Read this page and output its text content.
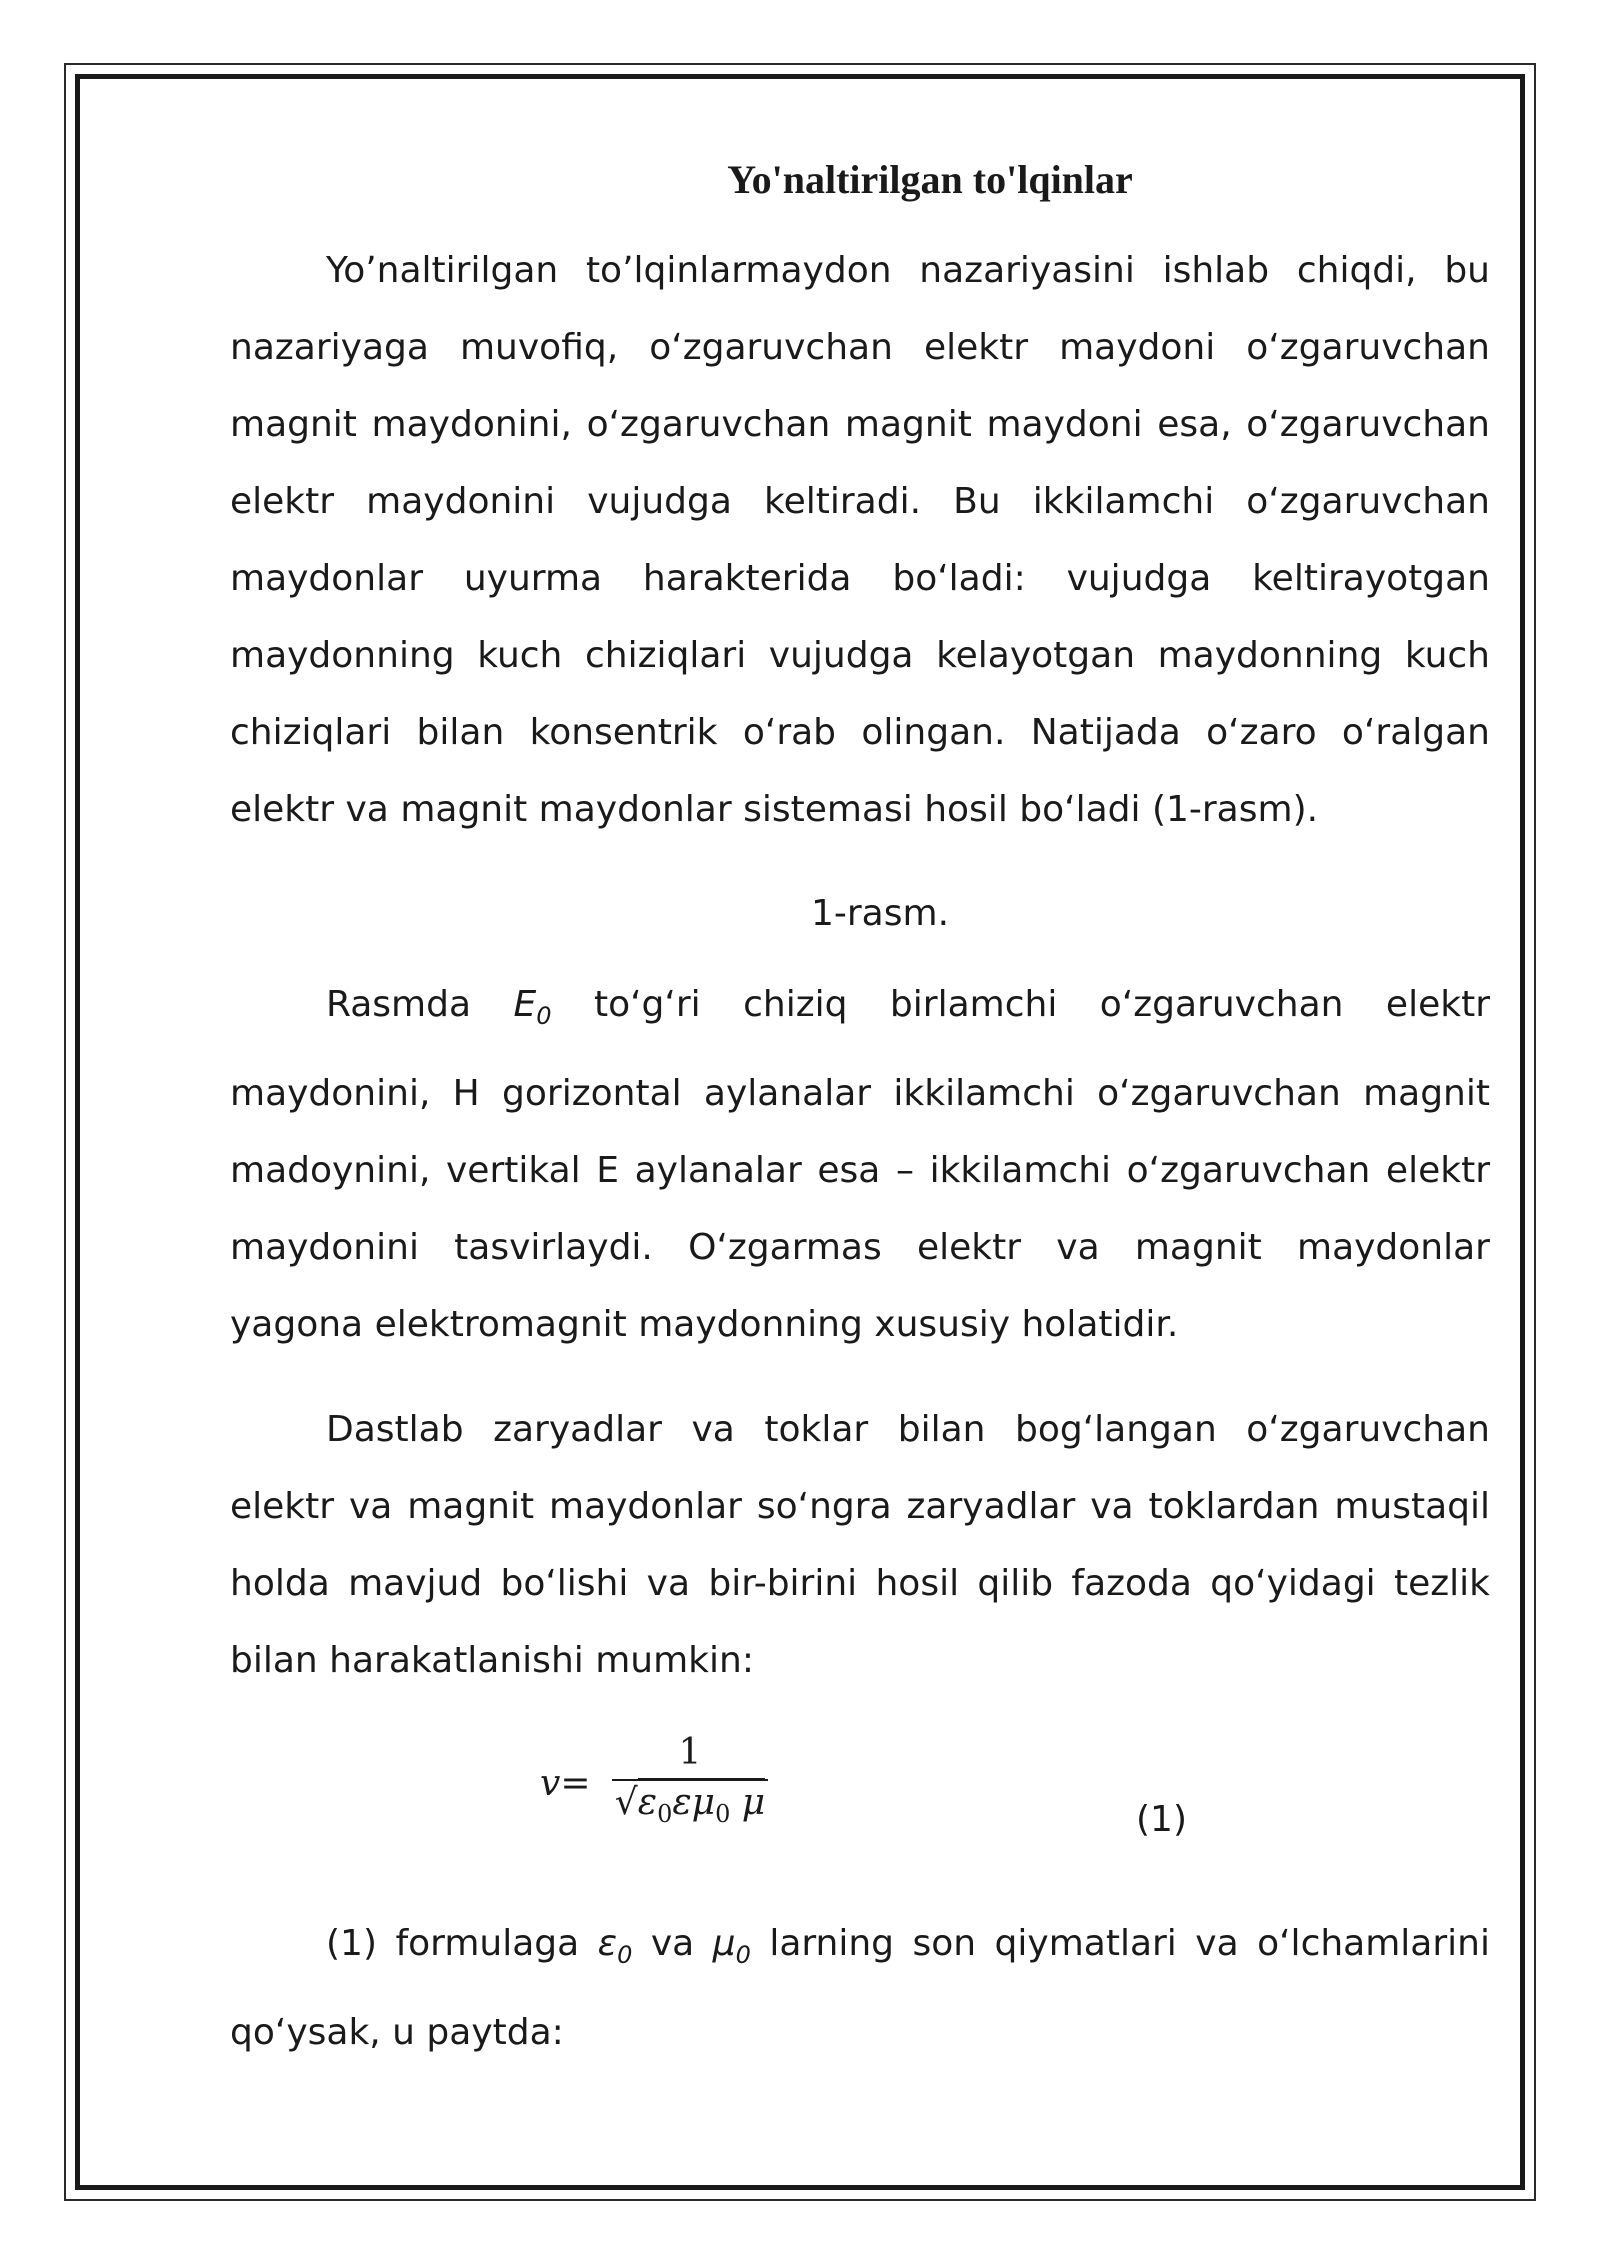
Yo'naltirilgan to'lqinlar

Yo’naltirilgan to’lqinlarmaydon nazariyasini ishlab chiqdi, bu nazariyaga muvofiq, o‘zgaruvchan elektr maydoni o‘zgaruvchan magnit maydonini, o‘zgaruvchan magnit maydoni esa, o‘zgaruvchan elektr maydonini vujudga keltiradi. Bu ikkilamchi o‘zgaruvchan maydonlar uyurma harakterida bo‘ladi: vujudga keltirayotgan maydonning kuch chiziqlari vujudga kelayotgan maydonning kuch chiziqlari bilan konsentrik o‘rab olingan. Natijada o‘zaro o‘ralgan elektr va magnit maydonlar sistemasi hosil bo‘ladi (1-rasm).

1-rasm.

Rasmda $E_0$ to‘g‘ri chiziq birlamchi o‘zgaruvchan elektr maydonini, H gorizontal aylanalar ikkilamchi o‘zgaruvchan magnit madoynini, vertikal E aylanalar esa – ikkilamchi o‘zgaruvchan elektr maydonini tasvirlaydi. O‘zgarmas elektr va magnit maydonlar yagona elektromagnit maydonning xususiy holatidir.

Dastlab zaryadlar va toklar bilan bog‘langan o‘zgaruvchan elektr va magnit maydonlar so‘ngra zaryadlar va toklardan mustaqil holda mavjud bo‘lishi va bir-birini hosil qilib fazoda qo‘yidagi tezlik bilan harakatlanishi mumkin:

v=
1
$√\varepsilon_0\varepsilon\mu_0$ μ	(1)

(1) formulaga $\varepsilon_0$ va $\mu_0$ larning son qiymatlari va o‘lchamlarini qo‘ysak, u paytda:
